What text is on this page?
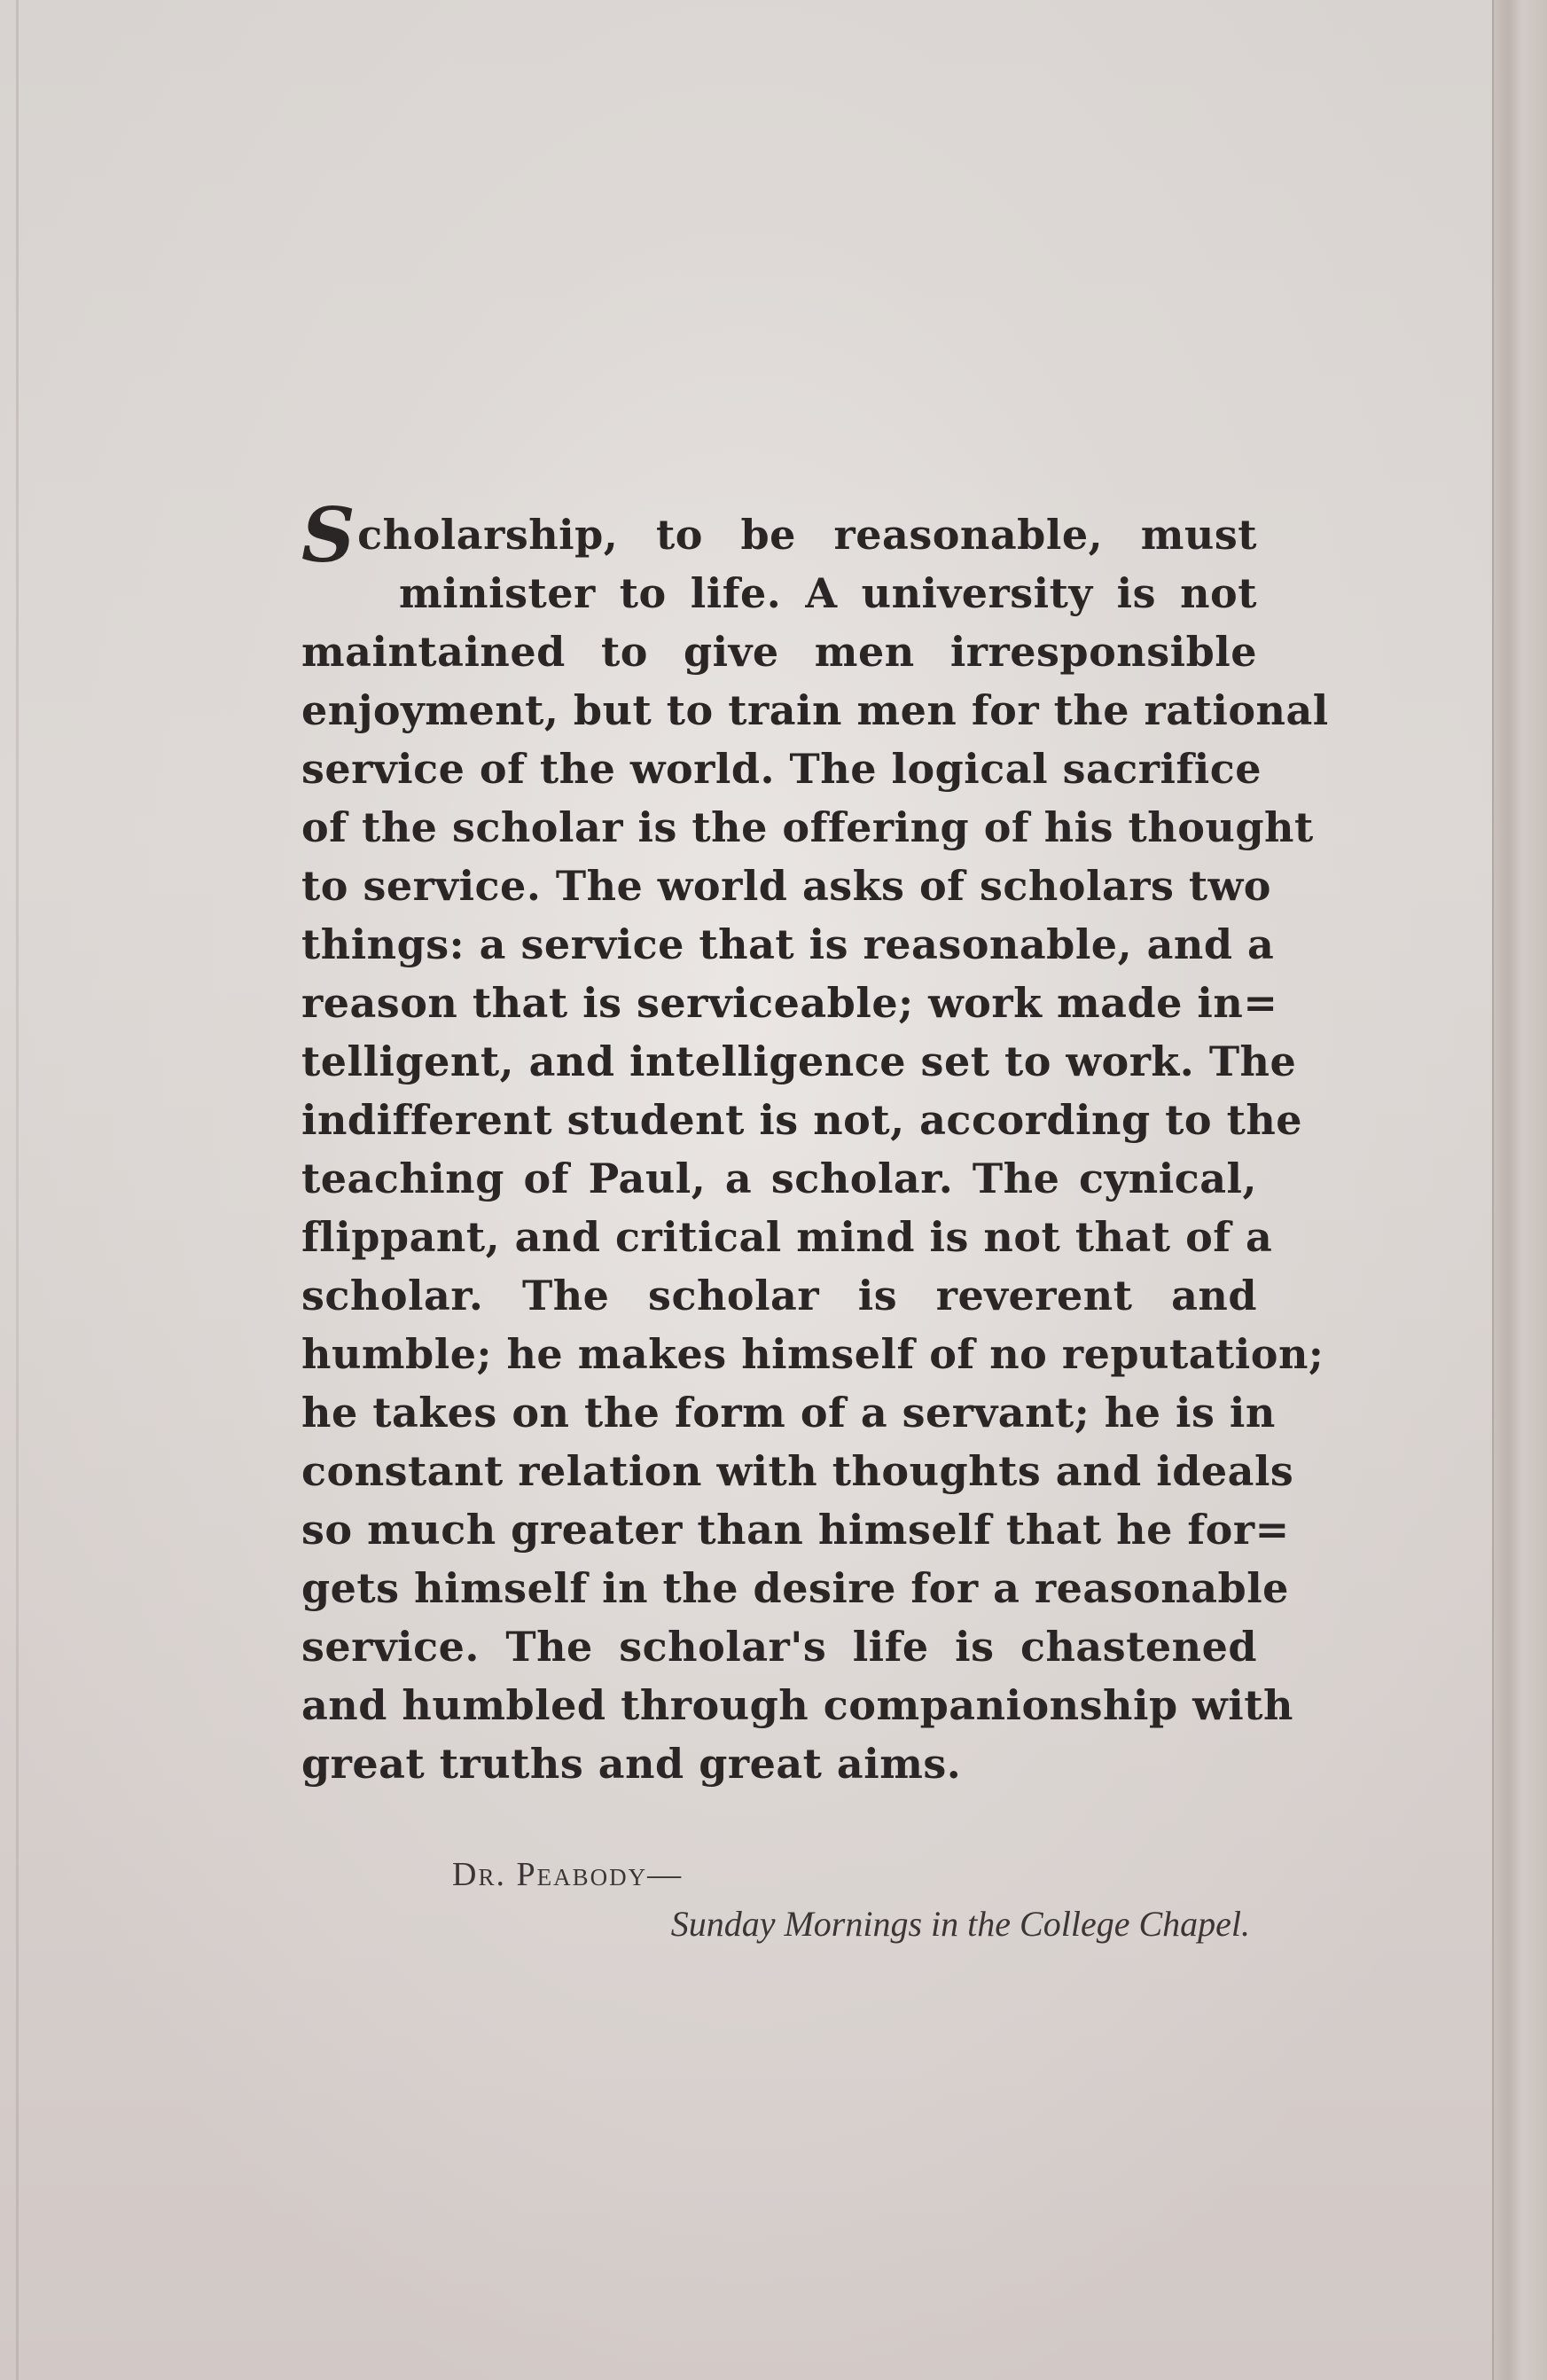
Scholarship, to be reasonable, must
minister to life. A university is not
maintained to give men irresponsible
enjoyment, but to train men for the rational
service of the world. The logical sacrifice
of the scholar is the offering of his thought
to service. The world asks of scholars two
things: a service that is reasonable, and a
reason that is serviceable; work made in=
telligent, and intelligence set to work. The
indifferent student is not, according to the
teaching of Paul, a scholar. The cynical,
flippant, and critical mind is not that of a
scholar. The scholar is reverent and
humble; he makes himself of no reputation;
he takes on the form of a servant; he is in
constant relation with thoughts and ideals
so much greater than himself that he for=
gets himself in the desire for a reasonable
service. The scholar's life is chastened
and humbled through companionship with
great truths and great aims.
Dr. Peabody—
Sunday Mornings in the College Chapel.
